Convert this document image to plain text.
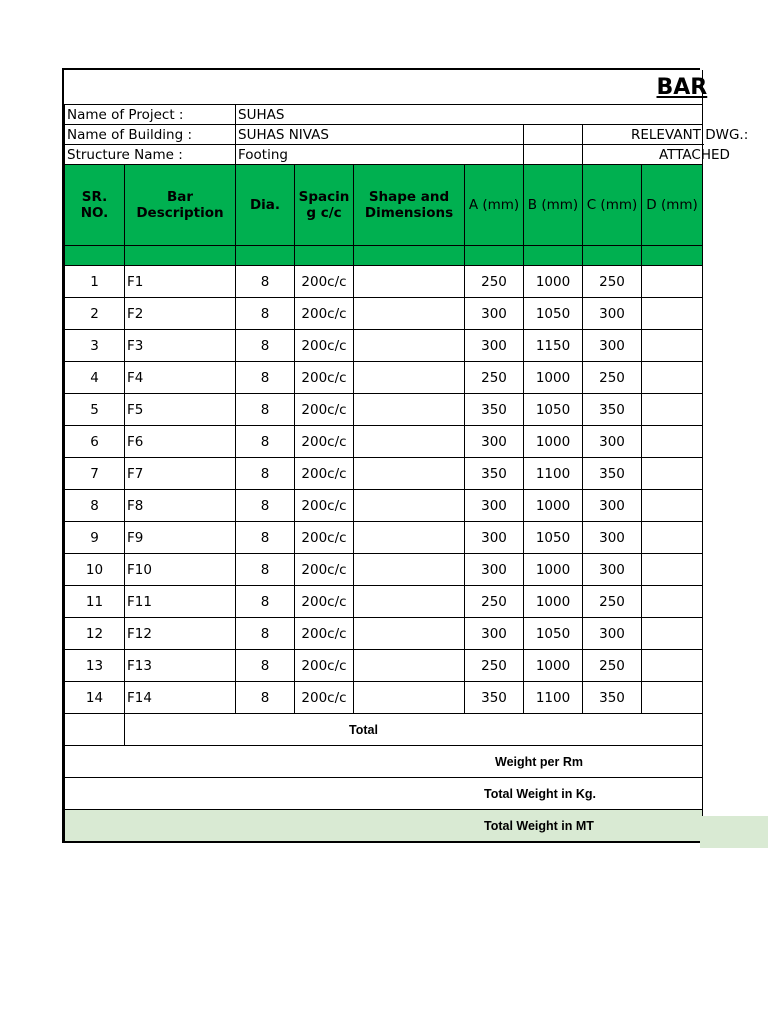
BAR								
Name of Project :		SUHAS						
Name of Building :		SUHAS NIVAS					RELEVANT DWG.:	
Structure Name :		Footing					ATTACHED	
SR. NO.	Bar Description	Dia.	Spacin g c/c	Shape and Dimensions	A (mm)	B (mm)	C (mm)	D (mm)

1	F1	8	200c/c		250	1000	250	
2	F2	8	200c/c		300	1050	300	
3	F3	8	200c/c		300	1150	300	
4	F4	8	200c/c		250	1000	250	
5	F5	8	200c/c		350	1050	350	
6	F6	8	200c/c		300	1000	300	
7	F7	8	200c/c		350	1100	350	
8	F8	8	200c/c		300	1000	300	
9	F9	8	200c/c		300	1050	300	
10	F10	8	200c/c		300	1000	300	
11	F11	8	200c/c		250	1000	250	
12	F12	8	200c/c		300	1050	300	
13	F13	8	200c/c		250	1000	250	
14	F14	8	200c/c		350	1100	350	
	Total							
Weight per Rm								
Total Weight in Kg.								
Total Weight in MT								
